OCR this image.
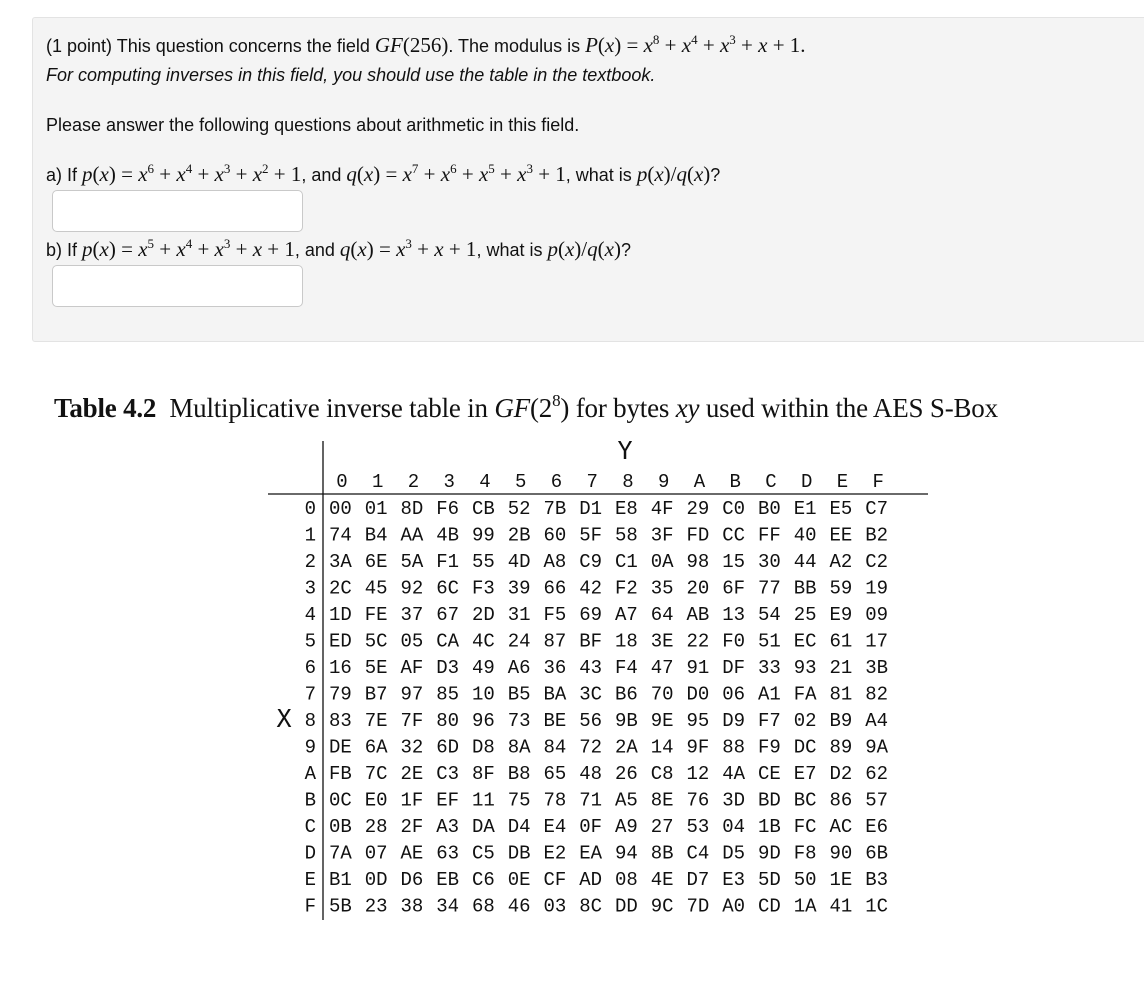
(1 point) This question concerns the field GF(256). The modulus is $P(x) = x^8 + x^4 + x^3 + x + 1$.
For computing inverses in this field, you should use the table in the textbook.
Please answer the following questions about arithmetic in this field.
a) If $p(x) = x^6 + x^4 + x^3 + x^2 + 1$, and $q(x) = x^7 + x^6 + x^5 + x^3 + 1$, what is p(x)/q(x)?
b) If $p(x) = x^5 + x^4 + x^3 + x + 1$, and $q(x) = x^3 + x + 1$, what is p(x)/q(x)?
Table 4.2 Multiplicative inverse table in $GF(2^8)$ for bytes xy used within the AES S-Box
Y
X
0 1 2 3 4 5 6 7 8 9 A B C D E F
0
1
2
3
4
5
6
7
8
9
A
B
C
D
E
F
00 01 8D F6 CB 52 7B D1 E8 4F 29 C0 B0 E1 E5 C7
74 B4 AA 4B 99 2B 60 5F 58 3F FD CC FF 40 EE B2
3A 6E 5A F1 55 4D A8 C9 C1 0A 98 15 30 44 A2 C2
2C 45 92 6C F3 39 66 42 F2 35 20 6F 77 BB 59 19
1D FE 37 67 2D 31 F5 69 A7 64 AB 13 54 25 E9 09
ED 5C 05 CA 4C 24 87 BF 18 3E 22 F0 51 EC 61 17
16 5E AF D3 49 A6 36 43 F4 47 91 DF 33 93 21 3B
79 B7 97 85 10 B5 BA 3C B6 70 D0 06 A1 FA 81 82
83 7E 7F 80 96 73 BE 56 9B 9E 95 D9 F7 02 B9 A4
DE 6A 32 6D D8 8A 84 72 2A 14 9F 88 F9 DC 89 9A
FB 7C 2E C3 8F B8 65 48 26 C8 12 4A CE E7 D2 62
0C E0 1F EF 11 75 78 71 A5 8E 76 3D BD BC 86 57
0B 28 2F A3 DA D4 E4 0F A9 27 53 04 1B FC AC E6
7A 07 AE 63 C5 DB E2 EA 94 8B C4 D5 9D F8 90 6B
B1 0D D6 EB C6 0E CF AD 08 4E D7 E3 5D 50 1E B3
5B 23 38 34 68 46 03 8C DD 9C 7D A0 CD 1A 41 1C
